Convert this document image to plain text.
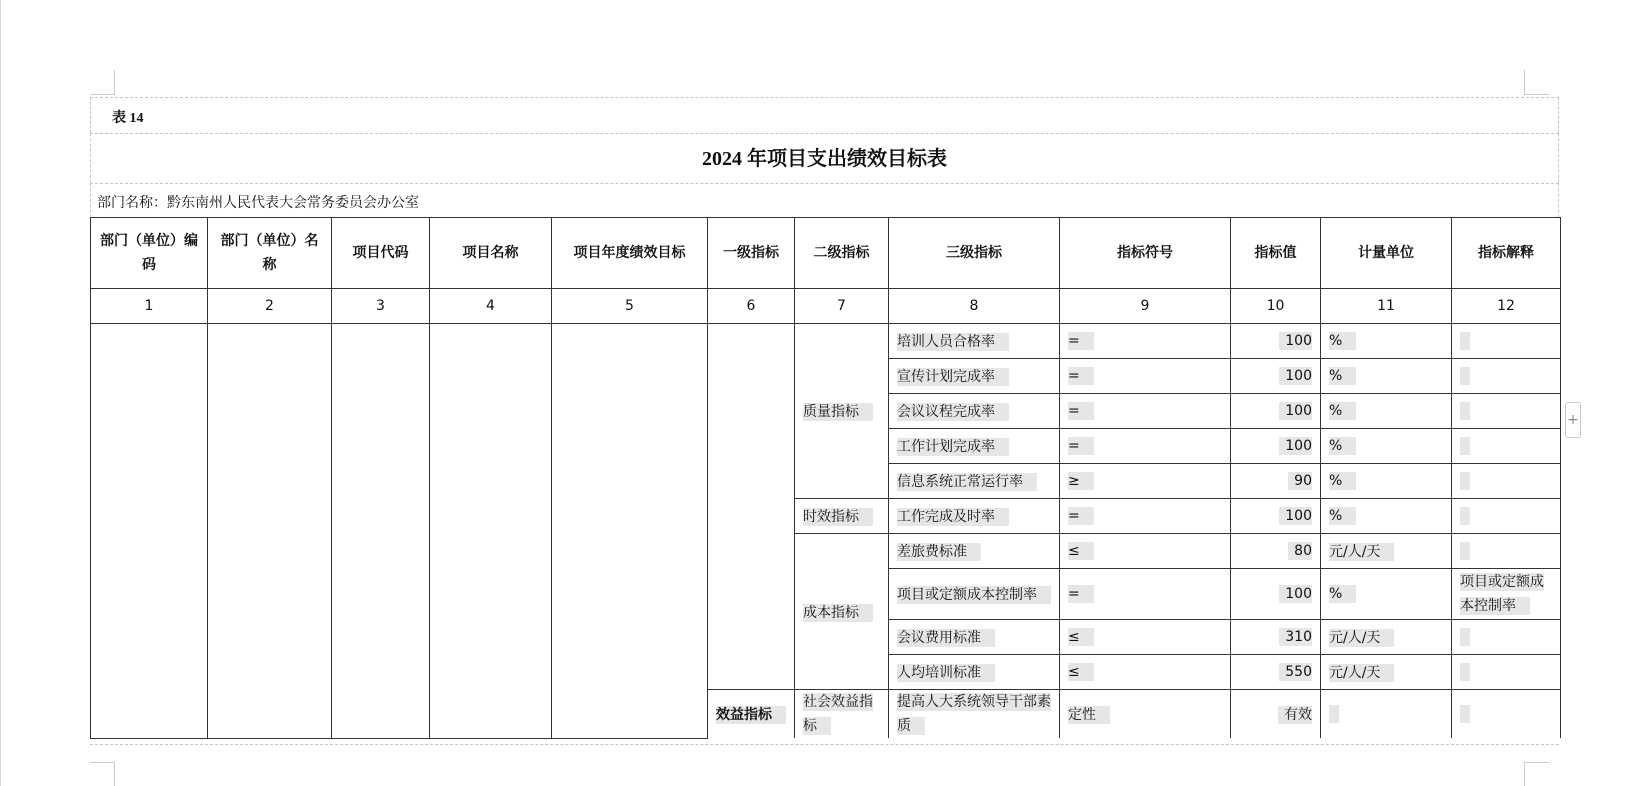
表 14
2024 年项目支出绩效目标表
部门名称：黔东南州人民代表大会常务委员会办公室
部门（单位）编码	部门（单位）名称	项目代码	项目名称	项目年度绩效目标	一级指标	二级指标	三级指标	指标符号	指标值	计量单位	指标解释
1	2	3	4	5	6	7	8	9	10	11	12
						质量指标	培训人员合格率	=	100	%	
							宣传计划完成率	=	100	%	
							会议议程完成率	=	100	%	
							工作计划完成率	=	100	%	
							信息系统正常运行率	≥	90	%	
						时效指标	工作完成及时率	=	100	%	
						成本指标	差旅费标准	≤	80	元/人/天	
							项目或定额成本控制率	=	100	%	项目或定额成本控制率
							会议费用标准	≤	310	元/人/天	
							人均培训标准	≤	550	元/人/天	
					效益指标	社会效益指标	提高人大系统领导干部素质	定性	有效		
+
